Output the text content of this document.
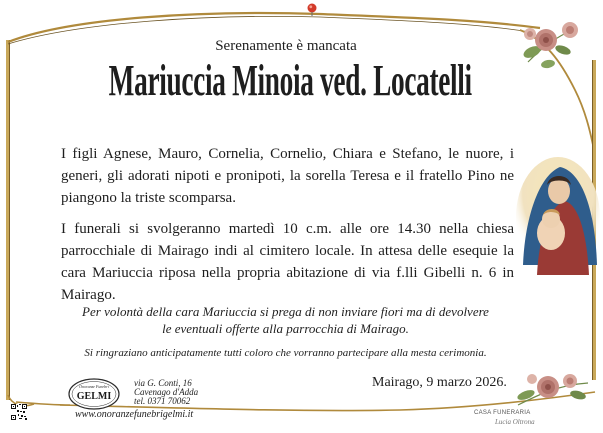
Serenamente è mancata
Mariuccia Minoia ved. Locatelli
I figli Agnese, Mauro, Cornelia, Cornelio, Chiara e Stefano, le nuore, i generi, gli adorati nipoti e pronipoti, la sorella Teresa e il fratello Pino ne piangono la triste scomparsa.
I funerali si svolgeranno martedì 10 c.m. alle ore 14.30 nella chiesa parrocchiale di Mairago indi al cimitero locale. In attesa delle esequie la cara Mariuccia riposa nella propria abitazione di via f.lli Gibelli n. 6 in Mairago.
Per volontà della cara Mariuccia si prega di non inviare fiori ma di devolvere
le eventuali offerte alla parrocchia di Mairago.
Si ringraziano anticipatamente tutti coloro che vorranno partecipare alla mesta cerimonia.
Mairago, 9 marzo 2026.
Onoranze Funebri
GELMI
via G. Conti, 16
Cavenago d'Adda
tel. 0371 70062
www.onoranzefunebrigelmi.it	CASA FUNERARIA
Lucia Oltrona
